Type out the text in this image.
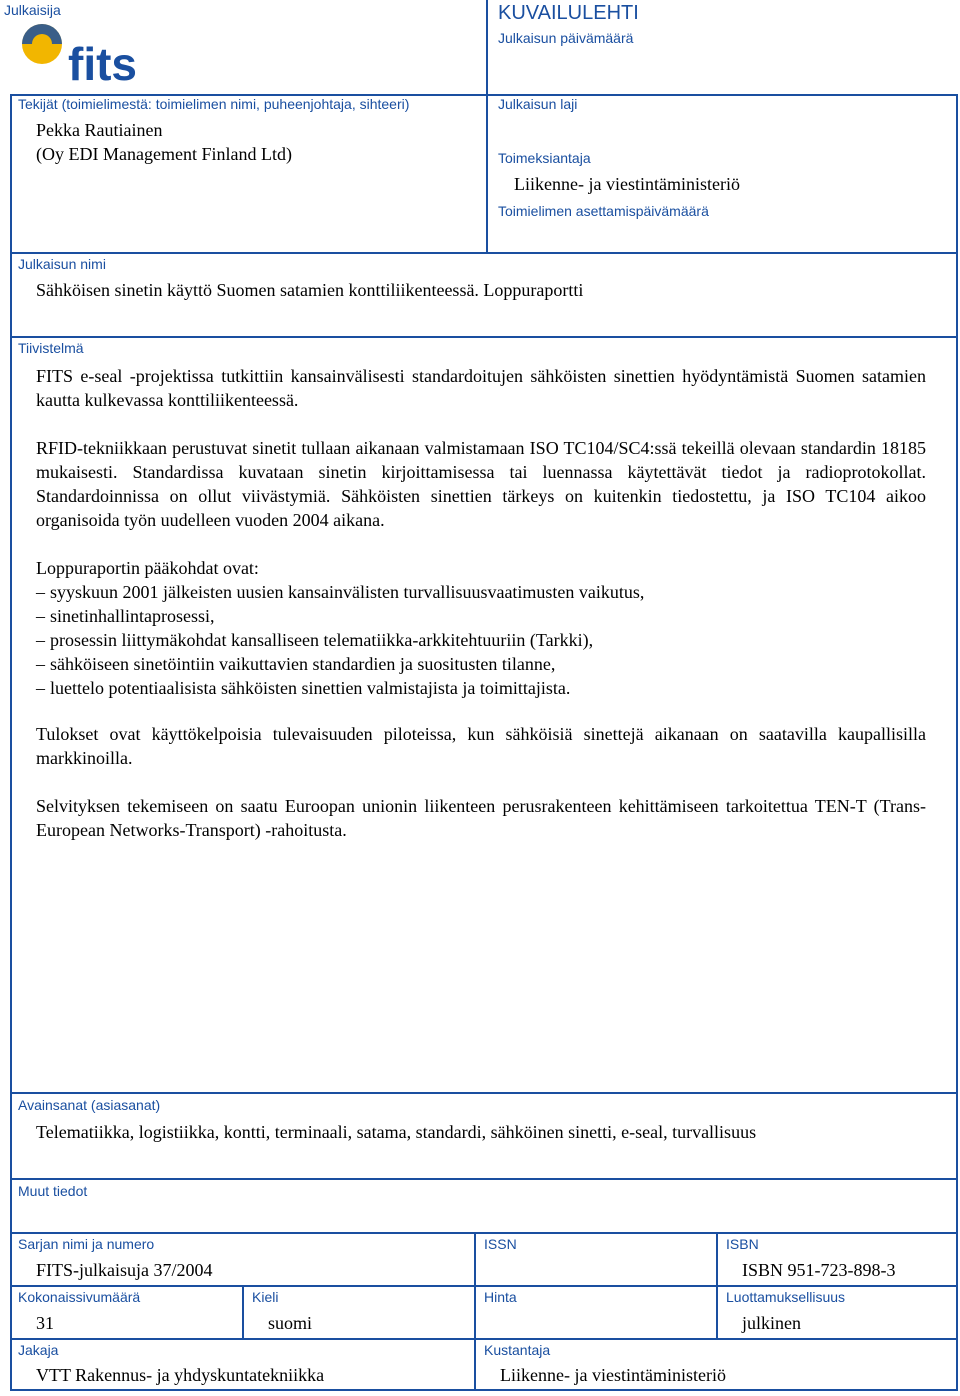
Julkaisija
fits
KUVAILULEHTI
Julkaisun päivämäärä
Tekijät (toimielimestä: toimielimen nimi, puheenjohtaja, sihteeri)
Pekka Rautiainen
(Oy EDI Management Finland Ltd)
Julkaisun laji
Toimeksiantaja
Liikenne- ja viestintäministeriö
Toimielimen asettamispäivämäärä
Julkaisun nimi
Sähköisen sinetin käyttö Suomen satamien konttiliikenteessä. Loppuraportti
Tiivistelmä

FITS e-seal -projektissa tutkittiin kansainvälisesti standardoitujen sähköisten sinettien hyödyntämistä Suomen satamien kautta kulkevassa konttiliikenteessä.

RFID-tekniikkaan perustuvat sinetit tullaan aikanaan valmistamaan ISO TC104/SC4:ssä tekeillä olevaan standardin 18185 mukaisesti. Standardissa kuvataan sinetin kirjoittamisessa tai luennassa käytettävät tiedot ja radioprotokollat. Standardoinnissa on ollut viivästymiä. Sähköisten sinettien tärkeys on kuitenkin tiedostettu, ja ISO TC104 aikoo organisoida työn uudelleen vuoden 2004 aikana.

Loppuraportin pääkohdat ovat:

– syyskuun 2001 jälkeisten uusien kansainvälisten turvallisuusvaatimusten vaikutus,
– sinetinhallintaprosessi,
– prosessin liittymäkohdat kansalliseen telematiikka-arkkitehtuuriin (Tarkki),
– sähköiseen sinetöintiin vaikuttavien standardien ja suositusten tilanne,
– luettelo potentiaalisista sähköisten sinettien valmistajista ja toimittajista.

Tulokset ovat käyttökelpoisia tulevaisuuden piloteissa, kun sähköisiä sinettejä aikanaan on saatavilla kaupallisilla markkinoilla.

Selvityksen tekemiseen on saatu Euroopan unionin liikenteen perusrakenteen kehittämiseen tarkoitettua TEN-T (Trans-European Networks-Transport) -rahoitusta.

Avainsanat (asiasanat)
Telematiikka, logistiikka, kontti, terminaali, satama, standardi, sähköinen sinetti, e-seal, turvallisuus
Muut tiedot
Sarjan nimi ja numero
FITS-julkaisuja 37/2004
ISSN	ISBN
ISBN 951-723-898-3
Kokonaissivumäärä
31
Kieli
suomi
Hinta	Luottamuksellisuus
julkinen
Jakaja
VTT Rakennus- ja yhdyskuntatekniikka
Kustantaja
Liikenne- ja viestintäministeriö
